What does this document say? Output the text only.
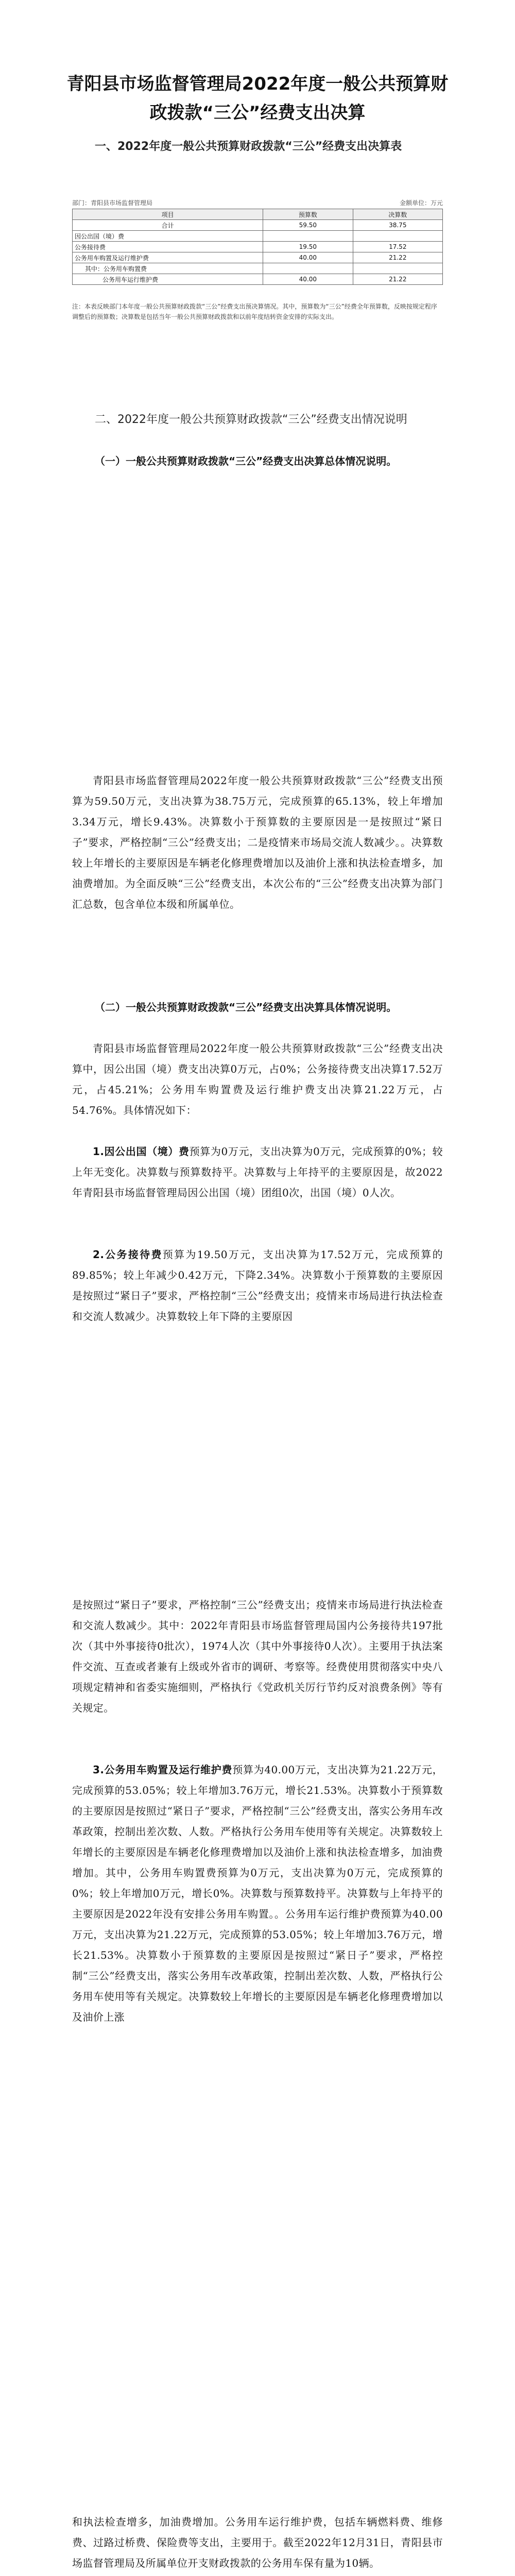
青阳县市场监督管理局2022年度一般公共预算财政拨款“三公”经费支出决算
一、2022年度一般公共预算财政拨款“三公”经费支出决算表
部门：青阳县市场监督管理局	金额单位：万元
项目	预算数	决算数
合计	59.50	38.75
因公出国（境）费		
公务接待费	19.50	17.52
公务用车购置及运行维护费	40.00	21.22
其中：公务用车购置费		
公务用车运行维护费	40.00	21.22

注：本表反映部门本年度一般公共预算财政拨款“三公”经费支出预决算情况。其中，预算数为“三公”经费全年预算数，反映按规定程序调整后的预算数；决算数是包括当年一般公共预算财政拨款和以前年度结转资金安排的实际支出。

二、2022年度一般公共预算财政拨款“三公”经费支出情况说明
（一）一般公共预算财政拨款“三公”经费支出决算总体情况说明。

青阳县市场监督管理局2022年度一般公共预算财政拨款“三公”经费支出预算为59.50万元，支出决算为38.75万元，完成预算的65.13%，较上年增加3.34万元，增长9.43%。决算数小于预算数的主要原因是一是按照过“紧日子”要求，严格控制“三公”经费支出；二是疫情来市场局交流人数减少。。决算数较上年增长的主要原因是车辆老化修理费增加以及油价上涨和执法检查增多，加油费增加。为全面反映“三公”经费支出，本次公布的“三公”经费支出决算为部门汇总数，包含单位本级和所属单位。

（二）一般公共预算财政拨款“三公”经费支出决算具体情况说明。

青阳县市场监督管理局2022年度一般公共预算财政拨款“三公”经费支出决算中，因公出国（境）费支出决算0万元，占0%；公务接待费支出决算17.52万元，占45.21%；公务用车购置费及运行维护费支出决算21.22万元，占54.76%。具体情况如下：

1.因公出国（境）费预算为0万元，支出决算为0万元，完成预算的0%；较上年无变化。决算数与预算数持平。决算数与上年持平的主要原因是，故2022年青阳县市场监督管理局因公出国（境）团组0次，出国（境）0人次。

2.公务接待费预算为19.50万元，支出决算为17.52万元，完成预算的89.85%；较上年减少0.42万元，下降2.34%。决算数小于预算数的主要原因是按照过“紧日子”要求，严格控制“三公”经费支出；疫情来市场局进行执法检查和交流人数减少。决算数较上年下降的主要原因

是按照过“紧日子”要求，严格控制“三公”经费支出；疫情来市场局进行执法检查和交流人数减少。其中：2022年青阳县市场监督管理局国内公务接待共197批次（其中外事接待0批次），1974人次（其中外事接待0人次）。主要用于执法案件交流、互查或者兼有上级或外省市的调研、考察等。经费使用贯彻落实中央八项规定精神和省委实施细则，严格执行《党政机关厉行节约反对浪费条例》等有关规定。

3.公务用车购置及运行维护费预算为40.00万元，支出决算为21.22万元，完成预算的53.05%；较上年增加3.76万元，增长21.53%。决算数小于预算数的主要原因是按照过“紧日子”要求，严格控制“三公”经费支出，落实公务用车改革政策，控制出差次数、人数。严格执行公务用车使用等有关规定。决算数较上年增长的主要原因是车辆老化修理费增加以及油价上涨和执法检查增多，加油费增加。其中，公务用车购置费预算为0万元，支出决算为0万元，完成预算的0%；较上年增加0万元，增长0%。决算数与预算数持平。决算数与上年持平的主要原因是2022年没有安排公务用车购置。。公务用车运行维护费预算为40.00万元，支出决算为21.22万元，完成预算的53.05%；较上年增加3.76万元，增长21.53%。决算数小于预算数的主要原因是按照过“紧日子”要求，严格控制“三公”经费支出，落实公务用车改革政策，控制出差次数、人数，严格执行公务用车使用等有关规定。决算数较上年增长的主要原因是车辆老化修理费增加以及油价上涨

和执法检查增多，加油费增加。公务用车运行维护费，包括车辆燃料费、维修费、过路过桥费、保险费等支出，主要用于。截至2022年12月31日，青阳县市场监督管理局及所属单位开支财政拨款的公务用车保有量为10辆。
